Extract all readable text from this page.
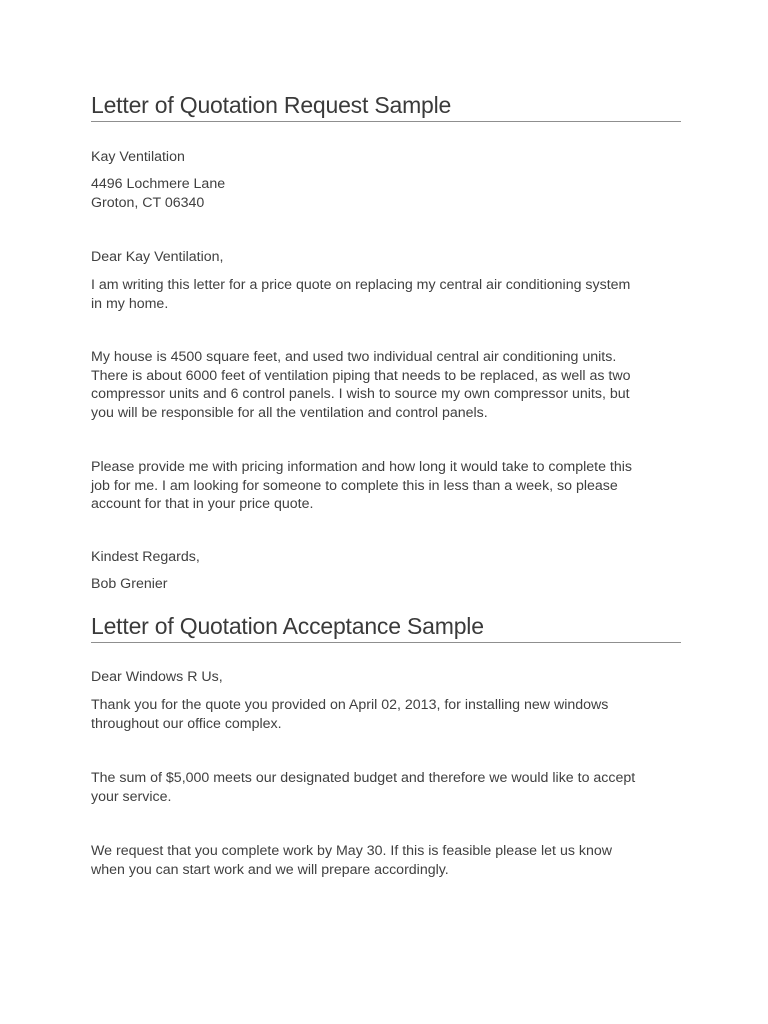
Letter of Quotation Request Sample

Kay Ventilation

4496 Lochmere Lane
Groton, CT 06340

Dear Kay Ventilation,

I am writing this letter for a price quote on replacing my central air conditioning system
in my home.

My house is 4500 square feet, and used two individual central air conditioning units.
There is about 6000 feet of ventilation piping that needs to be replaced, as well as two
compressor units and 6 control panels. I wish to source my own compressor units, but
you will be responsible for all the ventilation and control panels.

Please provide me with pricing information and how long it would take to complete this
job for me. I am looking for someone to complete this in less than a week, so please
account for that in your price quote.

Kindest Regards,

Bob Grenier

Letter of Quotation Acceptance Sample

Dear Windows R Us,

Thank you for the quote you provided on April 02, 2013, for installing new windows
throughout our office complex.

The sum of $5,000 meets our designated budget and therefore we would like to accept
your service.

We request that you complete work by May 30. If this is feasible please let us know
when you can start work and we will prepare accordingly.
